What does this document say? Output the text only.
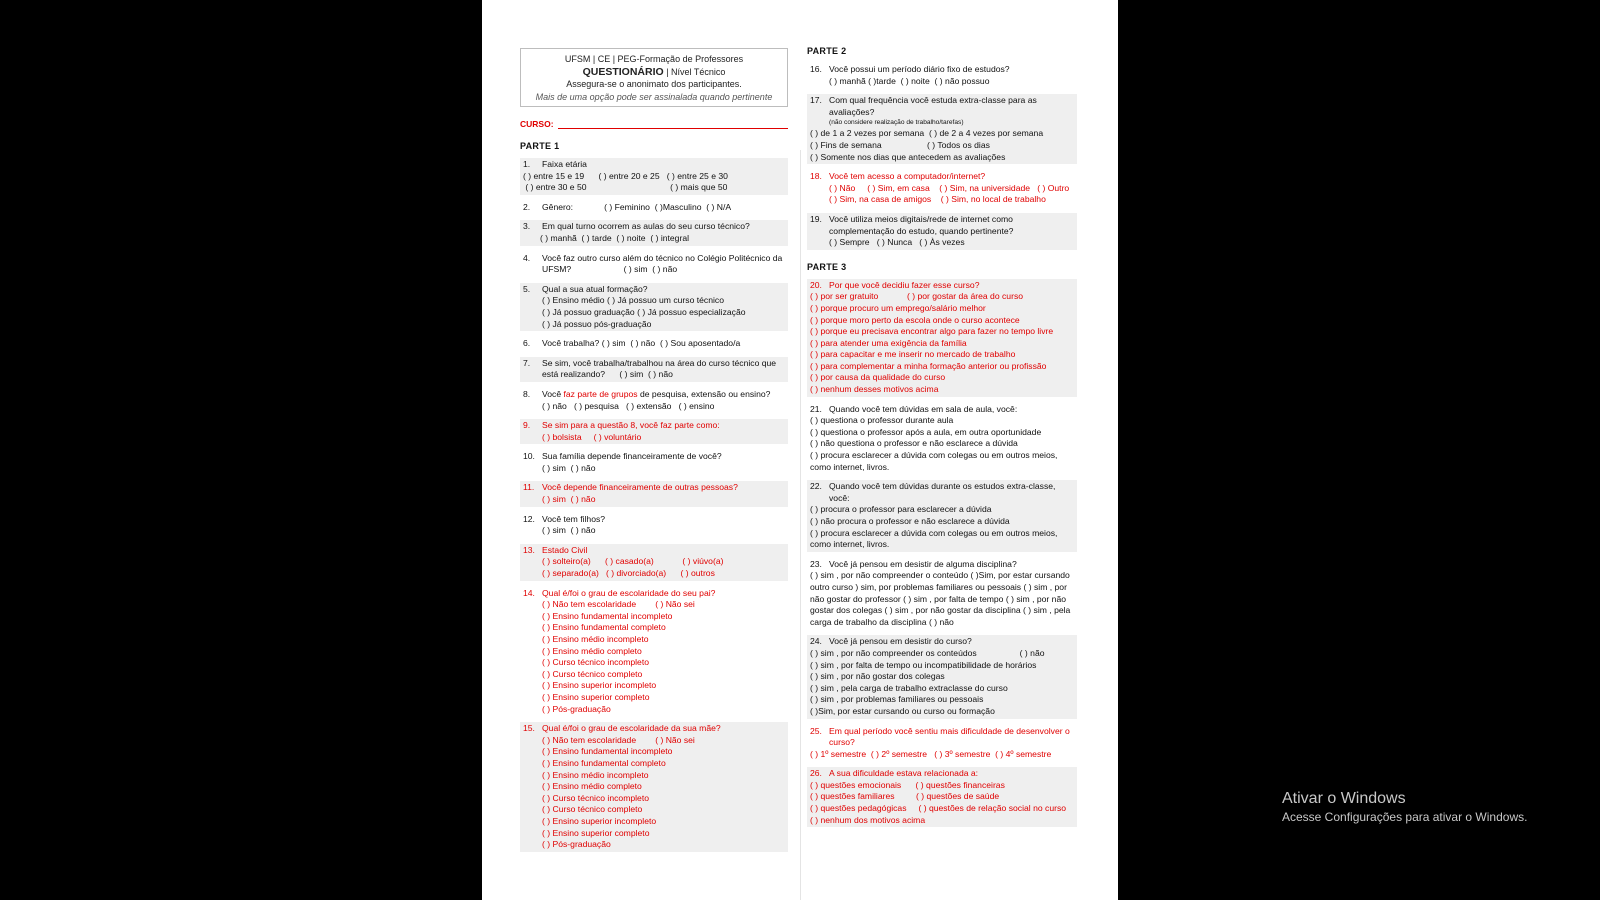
UFSM | CE | PEG-Formação de Professores
QUESTIONÁRIO | Nível Técnico
Assegura-se o anonimato dos participantes.
Mais de uma opção pode ser assinalada quando pertinente
CURSO:
PARTE 1
1.	Faixa etária
( ) entre 15 e 19      ( ) entre 20 e 25   ( ) entre 25 e 30
( ) entre 30 e 50                                   ( ) mais que 50
2.	Gênero:             ( ) Feminino  ( )Masculino  ( ) N/A
3.	Em qual turno ocorrem as aulas do seu curso técnico?
( ) manhã  ( ) tarde  ( ) noite  ( ) integral
4.	Você faz outro curso além do técnico no Colégio Politécnico da UFSM?                      ( ) sim  ( ) não
5.	Qual a sua atual formação?
( ) Ensino médio ( ) Já possuo um curso técnico
( ) Já possuo graduação ( ) Já possuo especialização
( ) Já possuo pós-graduação
6.	Você trabalha? ( ) sim  ( ) não  ( ) Sou aposentado/a
7.	Se sim, você trabalha/trabalhou na área do curso técnico que está realizando?      ( ) sim  ( ) não
8.	Você faz parte de grupos de pesquisa, extensão ou ensino?
( ) não   ( ) pesquisa   ( ) extensão   ( ) ensino
9.	Se sim para a questão 8, você faz parte como:
( ) bolsista     ( ) voluntário
10. Sua família depende financeiramente de você?
( ) sim  ( ) não
11. Você depende financeiramente de outras pessoas?
( ) sim  ( ) não
12. Você tem filhos?
( ) sim  ( ) não
13. Estado Civil
( ) solteiro(a)      ( ) casado(a)            ( ) viúvo(a)
( ) separado(a)   ( ) divorciado(a)      ( ) outros
14. Qual é/foi o grau de escolaridade do seu pai?
( ) Não tem escolaridade        ( ) Não sei
( ) Ensino fundamental incompleto
( ) Ensino fundamental completo
( ) Ensino médio incompleto
( ) Ensino médio completo
( ) Curso técnico incompleto
( ) Curso técnico completo
( ) Ensino superior incompleto
( ) Ensino superior completo
( ) Pós-graduação
15. Qual é/foi o grau de escolaridade da sua mãe?
( ) Não tem escolaridade        ( ) Não sei
( ) Ensino fundamental incompleto
( ) Ensino fundamental completo
( ) Ensino médio incompleto
( ) Ensino médio completo
( ) Curso técnico incompleto
( ) Curso técnico completo
( ) Ensino superior incompleto
( ) Ensino superior completo
( ) Pós-graduação
PARTE 2
16. Você possui um período diário fixo de estudos?
( ) manhã ( )tarde  ( ) noite  ( ) não possuo
17. Com qual frequência você estuda extra-classe para as avaliações?
(não considere realização de trabalho/tarefas)
( ) de 1 a 2 vezes por semana  ( ) de 2 a 4 vezes por semana
( ) Fins de semana                   ( ) Todos os dias
( ) Somente nos dias que antecedem as avaliações
18. Você tem acesso a computador/internet?
( ) Não     ( ) Sim, em casa    ( ) Sim, na universidade   ( ) Outro
( ) Sim, na casa de amigos    ( ) Sim, no local de trabalho
19. Você utiliza meios digitais/rede de internet como complementação do estudo, quando pertinente?
( ) Sempre   ( ) Nunca   ( ) Às vezes
PARTE 3
20. Por que você decidiu fazer esse curso?
( ) por ser gratuito            ( ) por gostar da área do curso
( ) porque procuro um emprego/salário melhor
( ) porque moro perto da escola onde o curso acontece
( ) porque eu precisava encontrar algo para fazer no tempo livre
( ) para atender uma exigência da família
( ) para capacitar e me inserir no mercado de trabalho
( ) para complementar a minha formação anterior ou profissão
( ) por causa da qualidade do curso
( ) nenhum desses motivos acima
21. Quando você tem dúvidas em sala de aula, você:
( ) questiona o professor durante aula
( ) questiona o professor após a aula, em outra oportunidade
( ) não questiona o professor e não esclarece a dúvida
( ) procura esclarecer a dúvida com colegas ou em outros meios, como internet, livros.
22. Quando você tem dúvidas durante os estudos extra-classe, você:
( ) procura o professor para esclarecer a dúvida
( ) não procura o professor e não esclarece a dúvida
( ) procura esclarecer a dúvida com colegas ou em outros meios, como internet, livros.
23. Você já pensou em desistir de alguma disciplina?
( ) sim , por não compreender o conteúdo ( )Sim, por estar cursando outro curso ) sim, por problemas familiares ou pessoais ( ) sim , por não gostar do professor ( ) sim , por falta de tempo ( ) sim , por não gostar dos colegas ( ) sim , por não gostar da disciplina ( ) sim , pela carga de trabalho da disciplina ( ) não
24. Você já pensou em desistir do curso?
( ) sim , por não compreender os conteúdos                  ( ) não
( ) sim , por falta de tempo ou incompatibilidade de horários
( ) sim , por não gostar dos colegas
( ) sim , pela carga de trabalho extraclasse do curso
( ) sim , por problemas familiares ou pessoais
( )Sim, por estar cursando ou curso ou formação
25. Em qual período você sentiu mais dificuldade de desenvolver o curso?
( ) 1º semestre  ( ) 2º semestre   ( ) 3º semestre  ( ) 4º semestre
26. A sua dificuldade estava relacionada a:
( ) questões emocionais      ( ) questões financeiras
( ) questões familiares         ( ) questões de saúde
( ) questões pedagógicas     ( ) questões de relação social no curso
( ) nenhum dos motivos acima
Ativar o Windows
Acesse Configurações para ativar o Windows.
